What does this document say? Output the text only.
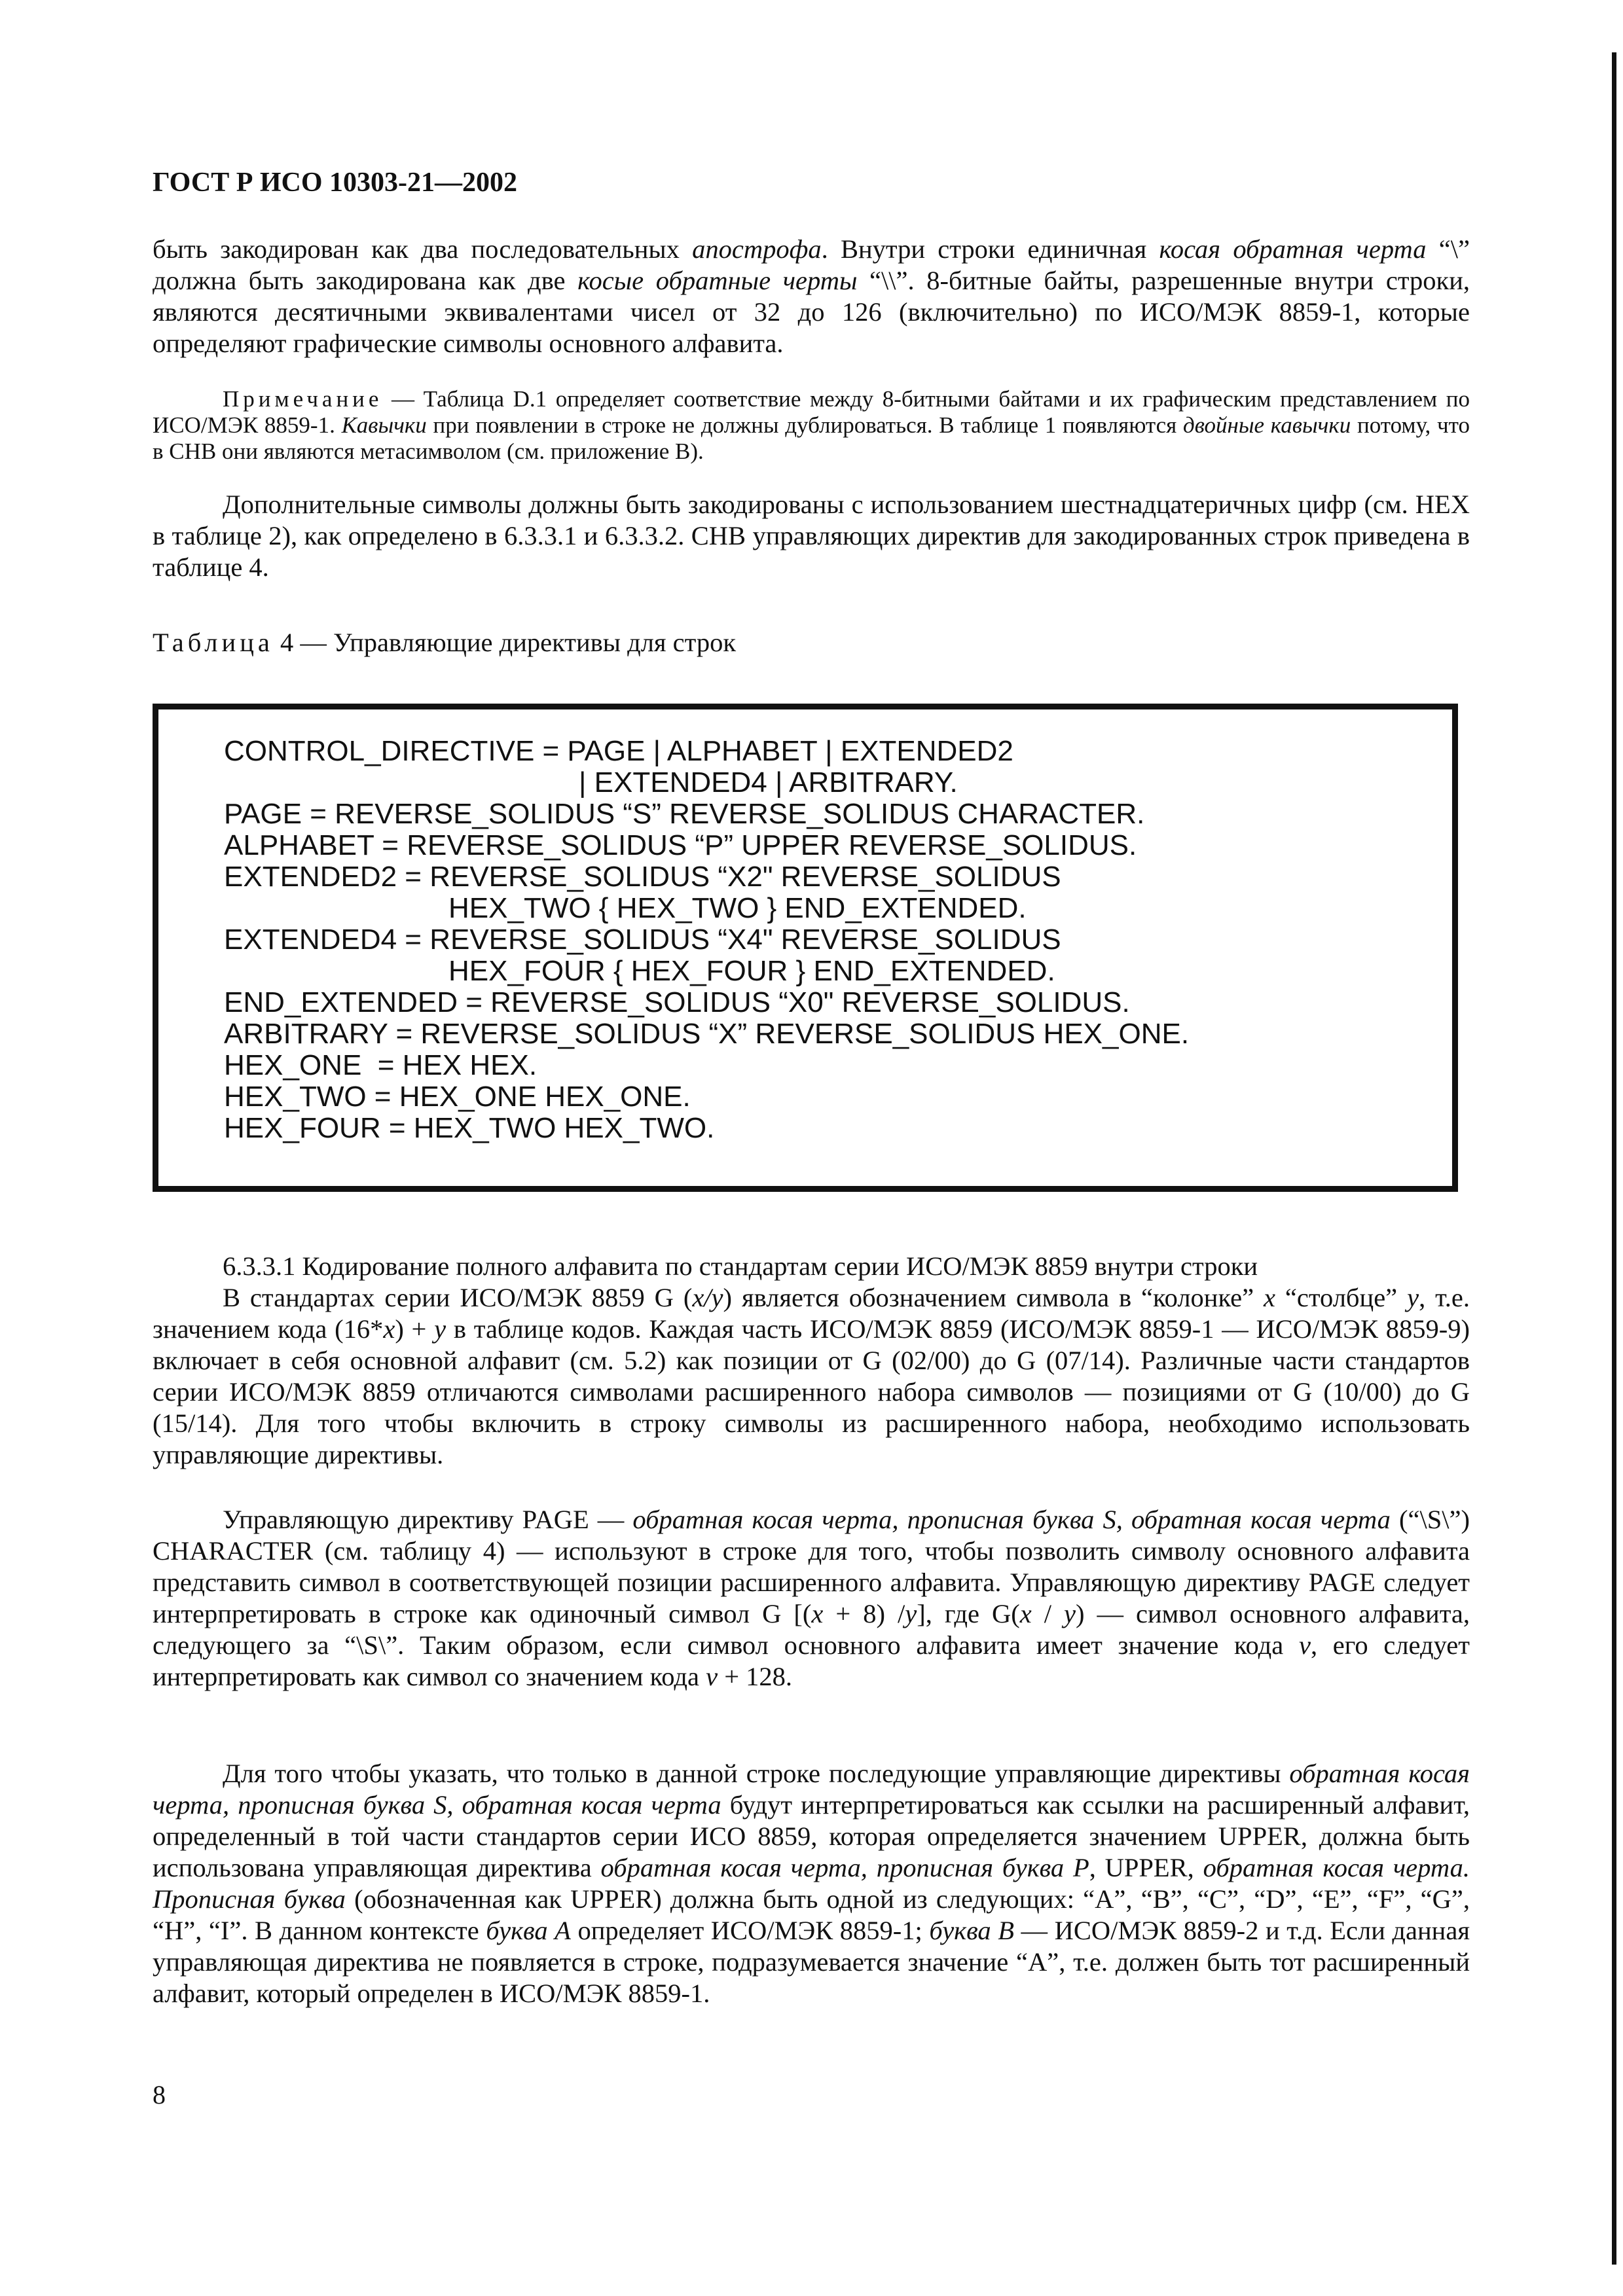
ГОСТ Р ИСО 10303-21—2002

быть закодирован как два последовательных апострофа. Внутри строки единичная косая обратная черта “\” должна быть закодирована как две косые обратные черты “\\”. 8-битные байты, разрешенные внутри строки, являются десятичными эквивалентами чисел от 32 до 126 (включительно) по ИСО/МЭК 8859-1, которые определяют графические символы основного алфавита.

Примечание — Таблица D.1 определяет соответствие между 8-битными байтами и их графическим представлением по ИСО/МЭК 8859-1. Кавычки при появлении в строке не должны дублироваться. В таблице 1 появляются двойные кавычки потому, что в СНВ они являются метасимволом (см. приложение В).

Дополнительные символы должны быть закодированы с использованием шестнадцатеричных цифр (см. HEX в таблице 2), как определено в 6.3.3.1 и 6.3.3.2. СНВ управляющих директив для закодированных строк приведена в таблице 4.

Таблица 4 — Управляющие директивы для строк
CONTROL_DIRECTIVE = PAGE | ALPHABET | EXTENDED2
| EXTENDED4 | ARBITRARY.
PAGE = REVERSE_SOLIDUS “S” REVERSE_SOLIDUS CHARACTER.
ALPHABET = REVERSE_SOLIDUS “P” UPPER REVERSE_SOLIDUS.
EXTENDED2 = REVERSE_SOLIDUS “X2" REVERSE_SOLIDUS
HEX_TWO { HEX_TWO } END_EXTENDED.
EXTENDED4 = REVERSE_SOLIDUS “X4" REVERSE_SOLIDUS
HEX_FOUR { HEX_FOUR } END_EXTENDED.
END_EXTENDED = REVERSE_SOLIDUS “X0" REVERSE_SOLIDUS.
ARBITRARY = REVERSE_SOLIDUS “X” REVERSE_SOLIDUS HEX_ONE.
HEX_ONE  = HEX HEX.
HEX_TWO = HEX_ONE HEX_ONE.
HEX_FOUR = HEX_TWO HEX_TWO.

6.3.3.1 Кодирование полного алфавита по стандартам серии ИСО/МЭК 8859 внутри строки

В стандартах серии ИСО/МЭК 8859 G (x/y) является обозначением символа в “колонке” x “столбце” y, т.е. значением кода (16*x) + y в таблице кодов. Каждая часть ИСО/МЭК 8859 (ИСО/МЭК 8859-1 — ИСО/МЭК 8859-9) включает в себя основной алфавит (см. 5.2) как позиции от G (02/00) до G (07/14). Различные части стандартов серии ИСО/МЭК 8859 отличаются символами расширенного набора символов — позициями от G (10/00) до G (15/14). Для того чтобы включить в строку символы из расширенного набора, необходимо использовать управляющие директивы.

Управляющую директиву PAGE — обратная косая черта, прописная буква S, обратная косая черта (“\S\”) CHARACTER (см. таблицу 4) — используют в строке для того, чтобы позволить символу основного алфавита представить символ в соответствующей позиции расширенного алфавита. Управляющую директиву PAGE следует интерпретировать в строке как одиночный символ G [(x + 8) /y], где G(x / y) — символ основного алфавита, следующего за “\S\”. Таким образом, если символ основного алфавита имеет значение кода v, его следует интерпретировать как символ со значением кода v + 128.

Для того чтобы указать, что только в данной строке последующие управляющие директивы обратная косая черта, прописная буква S, обратная косая черта будут интерпретироваться как ссылки на расширенный алфавит, определенный в той части стандартов серии ИСО 8859, которая определяется значением UPPER, должна быть использована управляющая директива обратная косая черта, прописная буква P, UPPER, обратная косая черта. Прописная буква (обозначенная как UPPER) должна быть одной из следующих: “A”, “B”, “C”, “D”, “E”, “F”, “G”, “H”, “I”. В данном контексте буква A определяет ИСО/МЭК 8859-1; буква B — ИСО/МЭК 8859-2 и т.д. Если данная управляющая директива не появляется в строке, подразумевается значение “A”, т.е. должен быть тот расширенный алфавит, который определен в ИСО/МЭК 8859-1.

8
